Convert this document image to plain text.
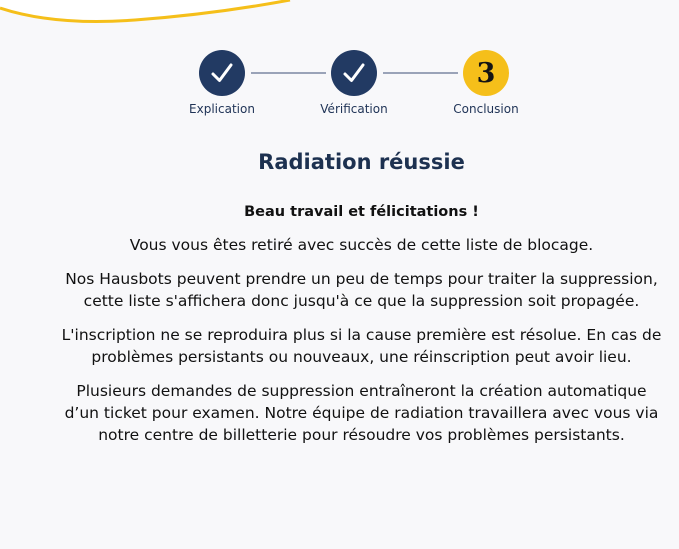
Explication	Vérification
3
Conclusion
Radiation réussie

Beau travail et félicitations !

Vous vous êtes retiré avec succès de cette liste de blocage.

Nos Hausbots peuvent prendre un peu de temps pour traiter la suppression, cette liste s'affichera donc jusqu'à ce que la suppression soit propagée.

L'inscription ne se reproduira plus si la cause première est résolue. En cas de problèmes persistants ou nouveaux, une réinscription peut avoir lieu.

Plusieurs demandes de suppression entraîneront la création automatique d’un ticket pour examen. Notre équipe de radiation travaillera avec vous via notre centre de billetterie pour résoudre vos problèmes persistants.
